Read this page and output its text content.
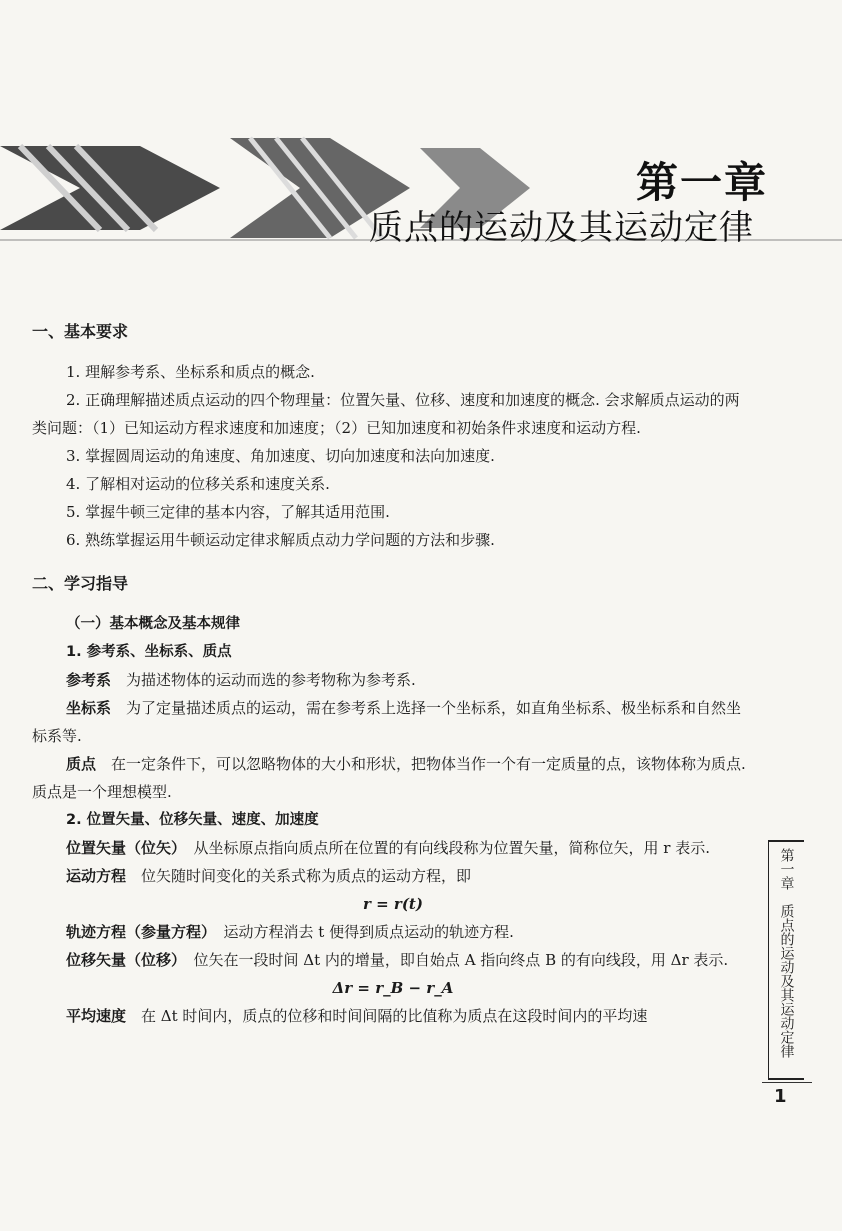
第一章
质点的运动及其运动定律

一、基本要求

1. 理解参考系、坐标系和质点的概念.

2. 正确理解描述质点运动的四个物理量：位置矢量、位移、速度和加速度的概念. 会求解质点运动的两类问题：（1）已知运动方程求速度和加速度；（2）已知加速度和初始条件求速度和运动方程.

3. 掌握圆周运动的角速度、角加速度、切向加速度和法向加速度.

4. 了解相对运动的位移关系和速度关系.

5. 掌握牛顿三定律的基本内容，了解其适用范围.

6. 熟练掌握运用牛顿运动定律求解质点动力学问题的方法和步骤.

二、学习指导

（一）基本概念及基本规律

1. 参考系、坐标系、质点

参考系　 为描述物体的运动而选的参考物称为参考系.

坐标系　 为了定量描述质点的运动，需在参考系上选择一个坐标系，如直角坐标系、极坐标系和自然坐标系等.

质点　 在一定条件下，可以忽略物体的大小和形状，把物体当作一个有一定质量的点，该物体称为质点. 质点是一个理想模型.

2. 位置矢量、位移矢量、速度、加速度

位置矢量（位矢）　 从坐标原点指向质点所在位置的有向线段称为位置矢量，简称位矢，用 r 表示.

运动方程　 位矢随时间变化的关系式称为质点的运动方程，即

r = r(t)

轨迹方程（参量方程）　 运动方程消去 t 便得到质点运动的轨迹方程.

位移矢量（位移）　 位矢在一段时间 Δt 内的增量，即自始点 A 指向终点 B 的有向线段，用 Δr 表示.

Δr = r_B − r_A

平均速度　 在 Δt 时间内，质点的位移和时间间隔的比值称为质点在这段时间内的平均速

第一章

质点的运动及其运动定律
1
